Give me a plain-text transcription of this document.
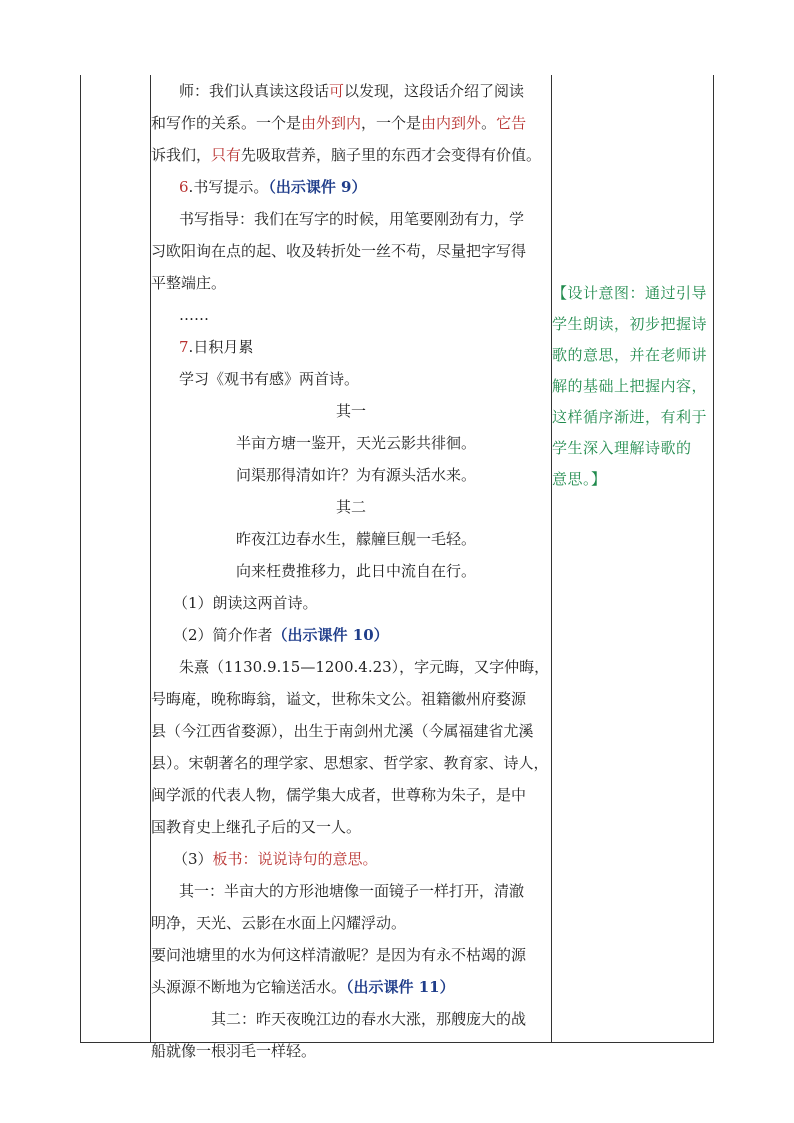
师：我们认真读这段话可以发现，这段话介绍了阅读
和写作的关系。一个是由外到内，一个是由内到外。它告
诉我们，只有先吸取营养，脑子里的东西才会变得有价值。
6.书写提示。（出示课件 9）
书写指导：我们在写字的时候，用笔要刚劲有力，学
习欧阳询在点的起、收及转折处一丝不苟，尽量把字写得
平整端庄。
……
7.日积月累
学习《观书有感》两首诗。
其一
半亩方塘一鉴开，天光云影共徘徊。
问渠那得清如许？为有源头活水来。
其二
昨夜江边春水生，艨艟巨舰一毛轻。
向来枉费推移力，此日中流自在行。
（1）朗读这两首诗。
（2）简介作者（出示课件 10）
朱熹（1130.9.15—1200.4.23），字元晦，又字仲晦，
号晦庵，晚称晦翁，谥文，世称朱文公。祖籍徽州府婺源
县（今江西省婺源），出生于南剑州尤溪（今属福建省尤溪
县）。宋朝著名的理学家、思想家、哲学家、教育家、诗人，
闽学派的代表人物，儒学集大成者，世尊称为朱子，是中
国教育史上继孔子后的又一人。
（3）板书：说说诗句的意思。
其一：半亩大的方形池塘像一面镜子一样打开，清澈
明净，天光、云影在水面上闪耀浮动。
要问池塘里的水为何这样清澈呢？是因为有永不枯竭的源
头源源不断地为它输送活水。（出示课件 11）
其二：昨天夜晚江边的春水大涨，那艘庞大的战
船就像一根羽毛一样轻。
【设计意图：通过引导
学生朗读，初步把握诗
歌的意思，并在老师讲
解的基础上把握内容，
这样循序渐进，有利于
学生深入理解诗歌的
意思。】
